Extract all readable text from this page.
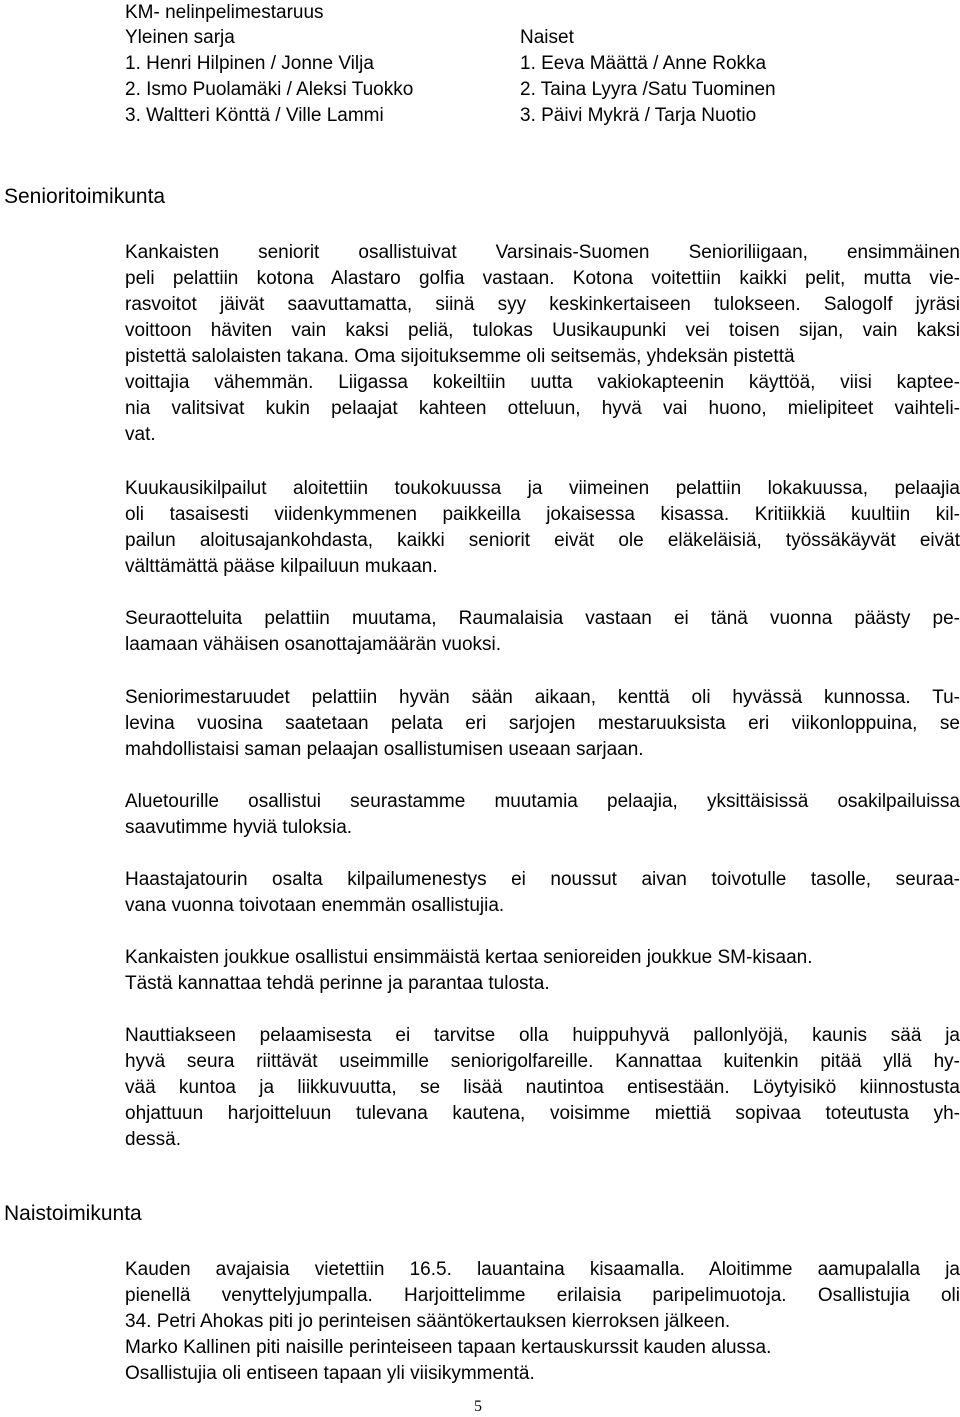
KM- nelinpelimestaruus
Yleinen sarja	Naiset
1. Henri Hilpinen / Jonne Vilja	1. Eeva Määttä / Anne Rokka
2. Ismo Puolamäki / Aleksi Tuokko	2. Taina Lyyra /Satu Tuominen
3. Waltteri Könttä / Ville Lammi	3. Päivi Mykrä / Tarja Nuotio
Senioritoimikunta
Kankaisten seniorit osallistuivat Varsinais-Suomen Senioriliigaan, ensimmäinen
peli pelattiin kotona Alastaro golfia vastaan. Kotona voitettiin kaikki pelit, mutta vie-
rasvoitot jäivät saavuttamatta, siinä syy keskinkertaiseen tulokseen. Salogolf jyräsi
voittoon häviten vain kaksi peliä, tulokas Uusikaupunki vei toisen sijan, vain kaksi
pistettä salolaisten takana. Oma sijoituksemme oli seitsemäs, yhdeksän pistettä
voittajia vähemmän. Liigassa kokeiltiin uutta vakiokapteenin käyttöä, viisi kaptee-
nia valitsivat kukin pelaajat kahteen otteluun, hyvä vai huono, mielipiteet vaihteli-
vat.
Kuukausikilpailut aloitettiin toukokuussa ja viimeinen pelattiin lokakuussa, pelaajia
oli tasaisesti viidenkymmenen paikkeilla jokaisessa kisassa. Kritiikkiä kuultiin kil-
pailun aloitusajankohdasta, kaikki seniorit eivät ole eläkeläisiä, työssäkäyvät eivät
välttämättä pääse kilpailuun mukaan.
Seuraotteluita pelattiin muutama, Raumalaisia vastaan ei tänä vuonna päästy pe-
laamaan vähäisen osanottajamäärän vuoksi.
Seniorimestaruudet pelattiin hyvän sään aikaan, kenttä oli hyvässä kunnossa. Tu-
levina vuosina saatetaan pelata eri sarjojen mestaruuksista eri viikonloppuina, se
mahdollistaisi saman pelaajan osallistumisen useaan sarjaan.
Aluetourille osallistui seurastamme muutamia pelaajia, yksittäisissä osakilpailuissa
saavutimme hyviä tuloksia.
Haastajatourin osalta kilpailumenestys ei noussut aivan toivotulle tasolle, seuraa-
vana vuonna toivotaan enemmän osallistujia.
Kankaisten joukkue osallistui ensimmäistä kertaa senioreiden joukkue SM-kisaan.
Tästä kannattaa tehdä perinne ja parantaa tulosta.
Nauttiakseen pelaamisesta ei tarvitse olla huippuhyvä pallonlyöjä, kaunis sää ja
hyvä seura riittävät useimmille seniorigolfareille. Kannattaa kuitenkin pitää yllä hy-
vää kuntoa ja liikkuvuutta, se lisää nautintoa entisestään. Löytyisikö kiinnostusta
ohjattuun harjoitteluun tulevana kautena, voisimme miettiä sopivaa toteutusta yh-
dessä.
Naistoimikunta
Kauden avajaisia vietettiin 16.5. lauantaina kisaamalla. Aloitimme aamupalalla ja
pienellä venyttelyjumpalla. Harjoittelimme erilaisia paripelimuotoja. Osallistujia oli
34. Petri Ahokas piti jo perinteisen sääntökertauksen kierroksen jälkeen.
Marko Kallinen piti naisille perinteiseen tapaan kertauskurssit kauden alussa.
Osallistujia oli entiseen tapaan yli viisikymmentä.
5
